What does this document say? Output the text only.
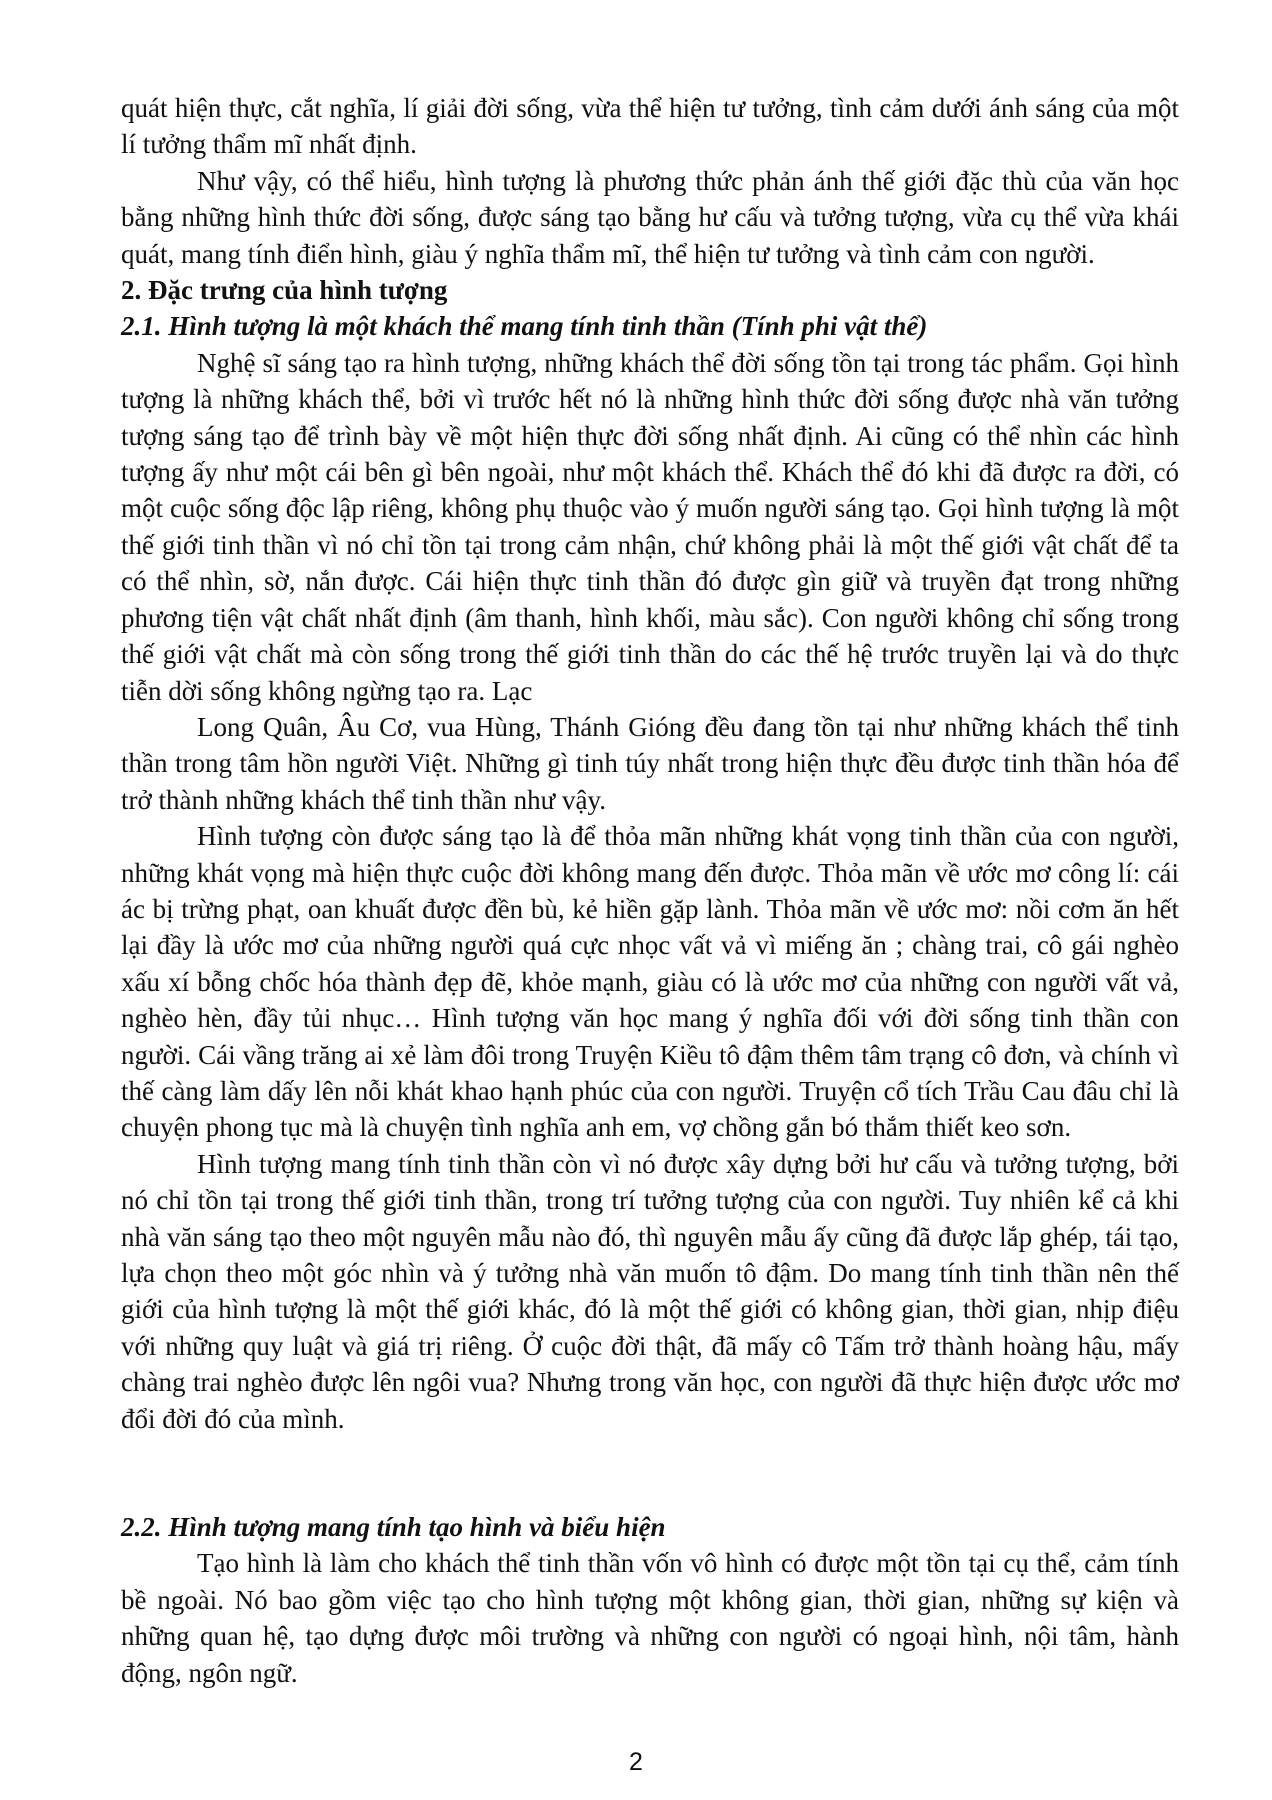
quát hiện thực, cắt nghĩa, lí giải đời sống, vừa thể hiện tư tưởng, tình cảm dưới ánh sáng của một lí tưởng thẩm mĩ nhất định.

Như vậy, có thể hiểu, hình tượng là phương thức phản ánh thế giới đặc thù của văn học bằng những hình thức đời sống, được sáng tạo bằng hư cấu và tưởng tượng, vừa cụ thể vừa khái quát, mang tính điển hình, giàu ý nghĩa thẩm mĩ, thể hiện tư tưởng và tình cảm con người.

2. Đặc trưng của hình tượng

2.1. Hình tượng là một khách thể mang tính tinh thần (Tính phi vật thể)

Nghệ sĩ sáng tạo ra hình tượng, những khách thể đời sống tồn tại trong tác phẩm. Gọi hình tượng là những khách thể, bởi vì trước hết nó là những hình thức đời sống được nhà văn tưởng tượng sáng tạo để trình bày về một hiện thực đời sống nhất định. Ai cũng có thể nhìn các hình tượng ấy như một cái bên gì bên ngoài, như một khách thể. Khách thể đó khi đã được ra đời, có một cuộc sống độc lập riêng, không phụ thuộc vào ý muốn người sáng tạo. Gọi hình tượng là một thế giới tinh thần vì nó chỉ tồn tại trong cảm nhận, chứ không phải là một thế giới vật chất để ta có thể nhìn, sờ, nắn được. Cái hiện thực tinh thần đó được gìn giữ và truyền đạt trong những phương tiện vật chất nhất định (âm thanh, hình khối, màu sắc). Con người không chỉ sống trong thế giới vật chất mà còn sống trong thế giới tinh thần do các thế hệ trước truyền lại và do thực tiễn dời sống không ngừng tạo ra. Lạc

Long Quân, Âu Cơ, vua Hùng, Thánh Gióng đều đang tồn tại như những khách thể tinh thần trong tâm hồn người Việt. Những gì tinh túy nhất trong hiện thực đều được tinh thần hóa để trở thành những khách thể tinh thần như vậy.

Hình tượng còn được sáng tạo là để thỏa mãn những khát vọng tinh thần của con người, những khát vọng mà hiện thực cuộc đời không mang đến được. Thỏa mãn về ước mơ công lí: cái ác bị trừng phạt, oan khuất được đền bù, kẻ hiền gặp lành. Thỏa mãn về ước mơ: nồi cơm ăn hết lại đầy là ước mơ của những người quá cực nhọc vất vả vì miếng ăn ; chàng trai, cô gái nghèo xấu xí bỗng chốc hóa thành đẹp đẽ, khỏe mạnh, giàu có là ước mơ của những con người vất vả, nghèo hèn, đầy tủi nhục… Hình tượng văn học mang ý nghĩa đối với đời sống tinh thần con người. Cái vầng trăng ai xẻ làm đôi trong Truyện Kiều tô đậm thêm tâm trạng cô đơn, và chính vì thế càng làm dấy lên nỗi khát khao hạnh phúc của con người. Truyện cổ tích Trầu Cau đâu chỉ là chuyện phong tục mà là chuyện tình nghĩa anh em, vợ chồng gắn bó thắm thiết keo sơn.

Hình tượng mang tính tinh thần còn vì nó được xây dựng bởi hư cấu và tưởng tượng, bởi nó chỉ tồn tại trong thế giới tinh thần, trong trí tưởng tượng của con người. Tuy nhiên kể cả khi nhà văn sáng tạo theo một nguyên mẫu nào đó, thì nguyên mẫu ấy cũng đã được lắp ghép, tái tạo, lựa chọn theo một góc nhìn và ý tưởng nhà văn muốn tô đậm. Do mang tính tinh thần nên thế giới của hình tượng là một thế giới khác, đó là một thế giới có không gian, thời gian, nhịp điệu với những quy luật và giá trị riêng. Ở cuộc đời thật, đã mấy cô Tấm trở thành hoàng hậu, mấy chàng trai nghèo được lên ngôi vua? Nhưng trong văn học, con người đã thực hiện được ước mơ đổi đời đó của mình.

2.2. Hình tượng mang tính tạo hình và biểu hiện

Tạo hình là làm cho khách thể tinh thần vốn vô hình có được một tồn tại cụ thể, cảm tính bề ngoài. Nó bao gồm việc tạo cho hình tượng một không gian, thời gian, những sự kiện và những quan hệ, tạo dựng được môi trường và những con người có ngoại hình, nội tâm, hành động, ngôn ngữ.

2
